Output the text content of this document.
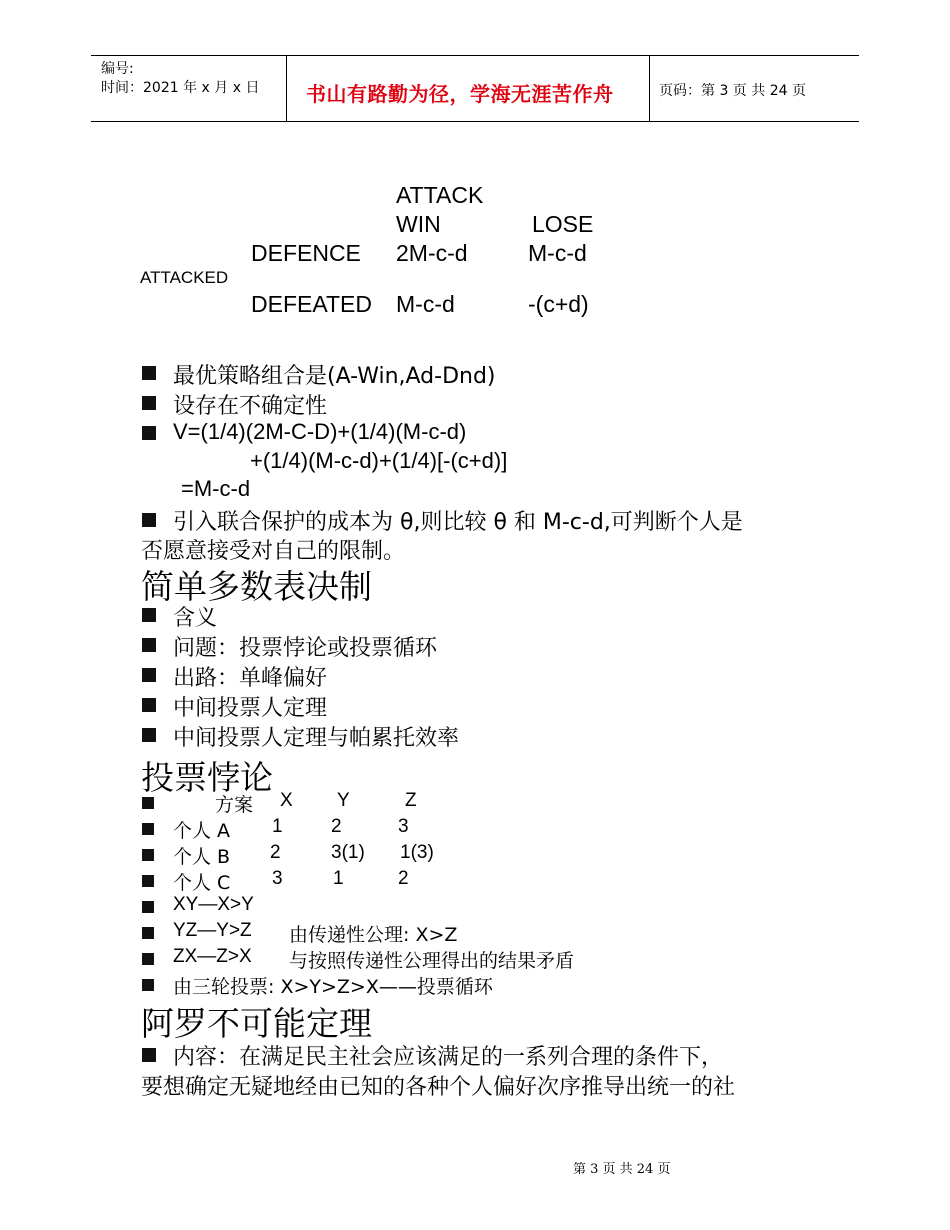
编号:
时间：2021 年 x 月 x 日 书山有路勤为径，学海无涯苦作舟	页码：第 3 页 共 24 页
ATTACK
WIN	LOSE
DEFENCE 2M-c-d	M-c-d
ATTACKED
DEFEATED M-c-d	-(c+d)
最优策略组合是(A-Win,Ad-Dnd)
设存在不确定性
V=(1/4)(2M-C-D)+(1/4)(M-c-d)
+(1/4)(M-c-d)+(1/4)[-(c+d)]
=M-c-d
引入联合保护的成本为 θ,则比较 θ 和 M-c-d,可判断个人是
否愿意接受对自己的限制。
简单多数表决制
含义
问题：投票悖论或投票循环
出路：单峰偏好
中间投票人定理
中间投票人定理与帕累托效率
投票悖论
方案 X Y	Z
个人 A 1	2	3
个人 B 2	3(1) 1(3)
个人 C 3	1	2
XY—X>Y
YZ—Y>Z 由传递性公理: X>Z
ZX—Z>X 与按照传递性公理得出的结果矛盾
由三轮投票: X>Y>Z>X——投票循环
阿罗不可能定理
内容：在满足民主社会应该满足的一系列合理的条件下，
要想确定无疑地经由已知的各种个人偏好次序推导出统一的社
第 3 页 共 24 页
